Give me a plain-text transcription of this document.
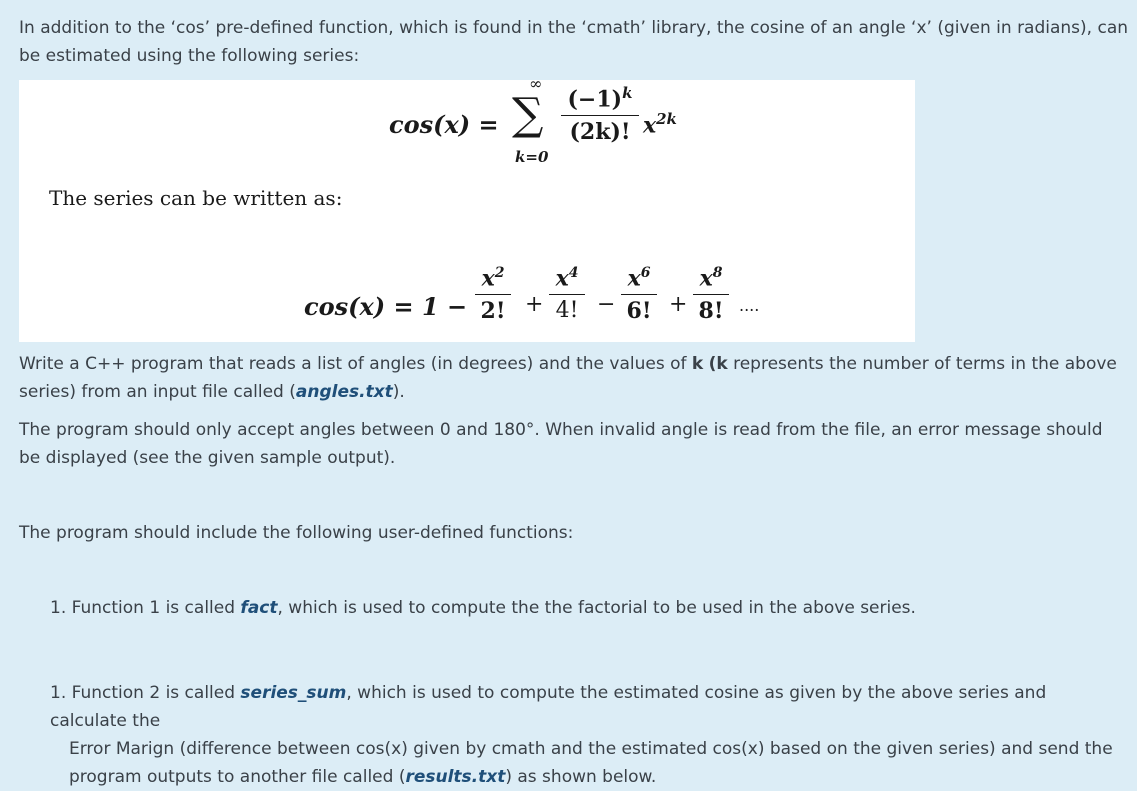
In addition to the ‘cos’ pre-defined function, which is found in the ‘cmath’ library, the cosine of an angle ‘x’ (given in radians), can be estimated using the following series:

cos(x) =
∞
∑
k=0
$(-1)^k$
(2k)! $x^{2k}$
The series can be written as:
cos(x) = 1 −
$x^2$
2! +
$x^4$
4! −
$x^6$
6! +
$x^8$
8! ....

Write a C++ program that reads a list of angles (in degrees) and the values of k (k represents the number of terms in the above series) from an input file called (angles.txt).

The program should only accept angles between 0 and 180°. When invalid angle is read from the file, an error message should be displayed (see the given sample output).

The program should include the following user-defined functions:

1. Function 1 is called fact, which is used to compute the the factorial to be used in the above series.

1. Function 2 is called series_sum, which is used to compute the estimated cosine as given by the above series and calculate the
Error Marign (difference between cos(x) given by cmath and the estimated cos(x) based on the given series) and send the
program outputs to another file called (results.txt) as shown below.
